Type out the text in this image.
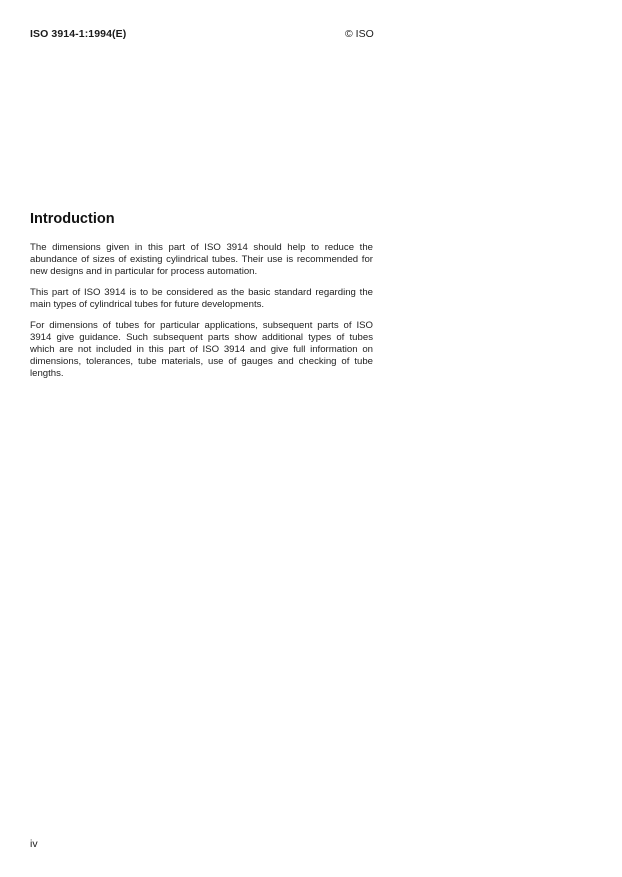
ISO 3914-1:1994(E)	© ISO
Introduction

The dimensions given in this part of ISO 3914 should help to reduce the abundance of sizes of existing cylindrical tubes. Their use is recommended for new designs and in particular for process automation.

This part of ISO 3914 is to be considered as the basic standard regarding the main types of cylindrical tubes for future developments.

For dimensions of tubes for particular applications, subsequent parts of ISO 3914 give guidance. Such subsequent parts show additional types of tubes which are not included in this part of ISO 3914 and give full information on dimensions, tolerances, tube materials, use of gauges and checking of tube lengths.

iv
